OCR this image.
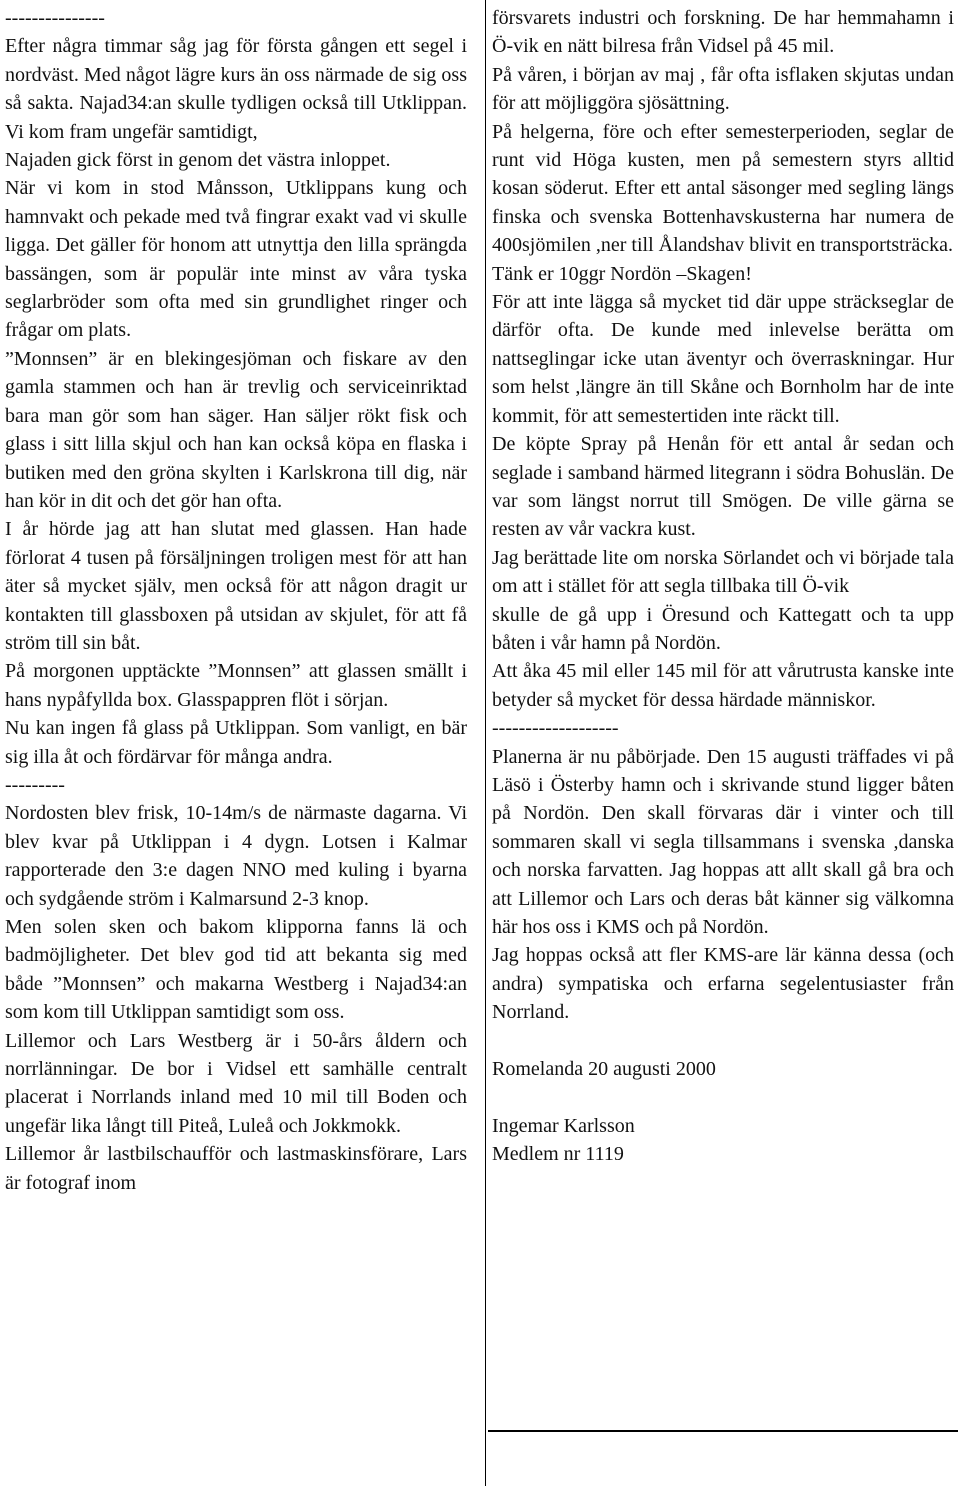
---------------

Efter några timmar såg jag för första gången ett segel i nordväst. Med något lägre kurs än oss närmade de sig oss så sakta. Najad34:an skulle tydligen också till Utklippan. Vi kom fram ungefär samtidigt,

Najaden gick först in genom det västra inloppet.

När vi kom in stod Månsson, Utklippans kung och hamnvakt och pekade med två fingrar exakt vad vi skulle ligga. Det gäller för honom att utnyttja den lilla sprängda bassängen, som är populär inte minst av våra tyska seglarbröder som ofta med sin grundlighet ringer och frågar om plats.

”Monnsen” är en blekingesjöman och fiskare av den gamla stammen och han är trevlig och serviceinriktad bara man gör som han säger. Han säljer rökt fisk och glass i sitt lilla skjul och han kan också köpa en flaska i butiken med den gröna skylten i Karlskrona till dig, när han kör in dit och det gör han ofta.

I år hörde jag att han slutat med glassen. Han hade förlorat 4 tusen på försäljningen troligen mest för att han äter så mycket själv, men också för att någon dragit ur kontakten till glassboxen på utsidan av skjulet, för att få ström till sin båt.

På morgonen upptäckte ”Monnsen” att glassen smällt i hans nypåfyllda box. Glasspappren flöt i sörjan.

Nu kan ingen få glass på Utklippan. Som vanligt, en bär sig illa åt och fördärvar för många andra.

---------

Nordosten blev frisk, 10-14m/s de närmaste dagarna. Vi blev kvar på Utklippan i 4 dygn. Lotsen i Kalmar rapporterade den 3:e dagen NNO med kuling i byarna och sydgående ström i Kalmarsund 2-3 knop.

Men solen sken och bakom klipporna fanns lä och badmöjligheter. Det blev god tid att bekanta sig med både ”Monnsen” och makarna Westberg i Najad34:an som kom till Utklippan samtidigt som oss.

Lillemor och Lars Westberg är i 50-års åldern och norrlänningar. De bor i Vidsel ett samhälle centralt placerat i Norrlands inland med 10 mil till Boden och ungefär lika långt till Piteå, Luleå och Jokkmokk.

Lillemor år lastbilschaufför och lastmaskinsförare, Lars är fotograf inom

försvarets industri och forskning. De har hemmahamn i Ö-vik en nätt bilresa från Vidsel på 45 mil.

På våren, i början av maj , får ofta isflaken skjutas undan för att möjliggöra sjösättning.

På helgerna, före och efter semesterperioden, seglar de runt vid Höga kusten, men på semestern styrs alltid kosan söderut. Efter ett antal säsonger med segling längs finska och svenska Bottenhavskusterna har numera de 400sjömilen ,ner till Ålandshav blivit en transportsträcka.

Tänk er 10ggr Nordön –Skagen!

För att inte lägga så mycket tid där uppe sträckseglar de därför ofta. De kunde med inlevelse berätta om nattseglingar icke utan äventyr och överraskningar. Hur som helst ,längre än till Skåne och Bornholm har de inte kommit, för att semestertiden inte räckt till.

De köpte Spray på Henån för ett antal år sedan och seglade i samband härmed litegrann i södra Bohuslän. De var som längst norrut till Smögen. De ville gärna se resten av vår vackra kust.

Jag berättade lite om norska Sörlandet och vi började tala om att i stället för att segla tillbaka till Ö-vik

skulle de gå upp i Öresund och Kattegatt och ta upp båten i vår hamn på Nordön.

Att åka 45 mil eller 145 mil för att vårutrusta kanske inte betyder så mycket för dessa härdade människor.

-------------------

Planerna är nu påbörjade. Den 15 augusti träffades vi på Läsö i Österby hamn och i skrivande stund ligger båten på Nordön. Den skall förvaras där i vinter och till sommaren skall vi segla tillsammans i svenska ,danska och norska farvatten. Jag hoppas att allt skall gå bra och att Lillemor och Lars och deras båt känner sig välkomna här hos oss i KMS och på Nordön.

Jag hoppas också att fler KMS-are lär känna dessa (och andra) sympatiska och erfarna segelentusiaster från Norrland.

Romelanda 20 augusti 2000

Ingemar Karlsson

Medlem nr 1119
